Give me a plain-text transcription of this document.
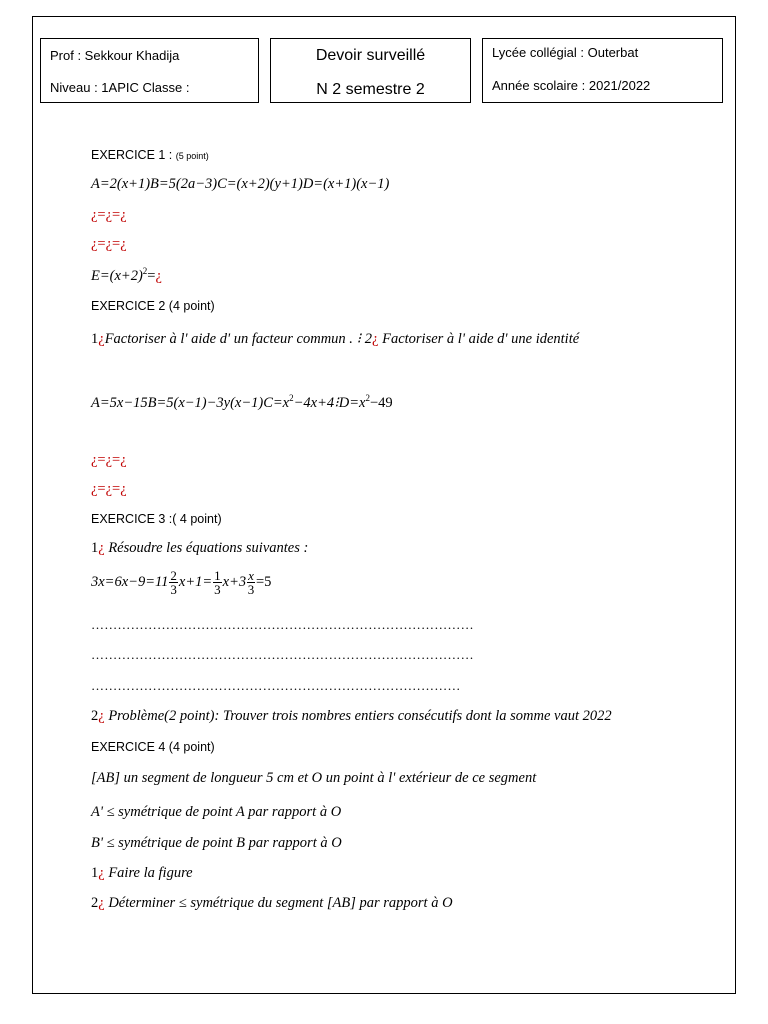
Prof : Sekkour Khadija
Niveau : 1APIC Classe :
Devoir surveillé
N 2 semestre 2
Lycée collégial : Outerbat
Année scolaire : 2021/2022
EXERCICE 1 : (5 point)
A=2(x+1)B=5(2a−3)C=(x+2)(y+1)D=(x+1)(x−1)
¿=¿=¿
¿=¿=¿
$E=(x+2)^2=¿$
EXERCICE 2 (4 point)
1¿Factoriser à l' aide d' un facteur commun . ⁝ 2¿ Factoriser à l' aide d' une identité
$A=5x-15B=5(x-1)-3y(x-1)C=x^2-4x+4⁝D=x^2-49$
¿=¿=¿
¿=¿=¿
EXERCICE 3 :( 4 point)
1¿ Résoudre les équations suivantes :
$3x=6x-9=11 \frac{2}{3} x+1= \frac{1}{3} x+3 \frac{x}{3} =5$
……………………………………………………………………………
……………………………………………………………………………
…………………………………………………………………………
2¿ Problème(2 point): Trouver trois nombres entiers consécutifs dont la somme vaut 2022
EXERCICE 4 (4 point)
[AB] un segment de longueur 5 cm et O un point à l' extérieur de ce segment
A' ≤ symétrique de point A par rapport à O
B' ≤ symétrique de point B par rapport à O
1¿ Faire la figure
2¿ Déterminer ≤ symétrique du segment [AB] par rapport à O
